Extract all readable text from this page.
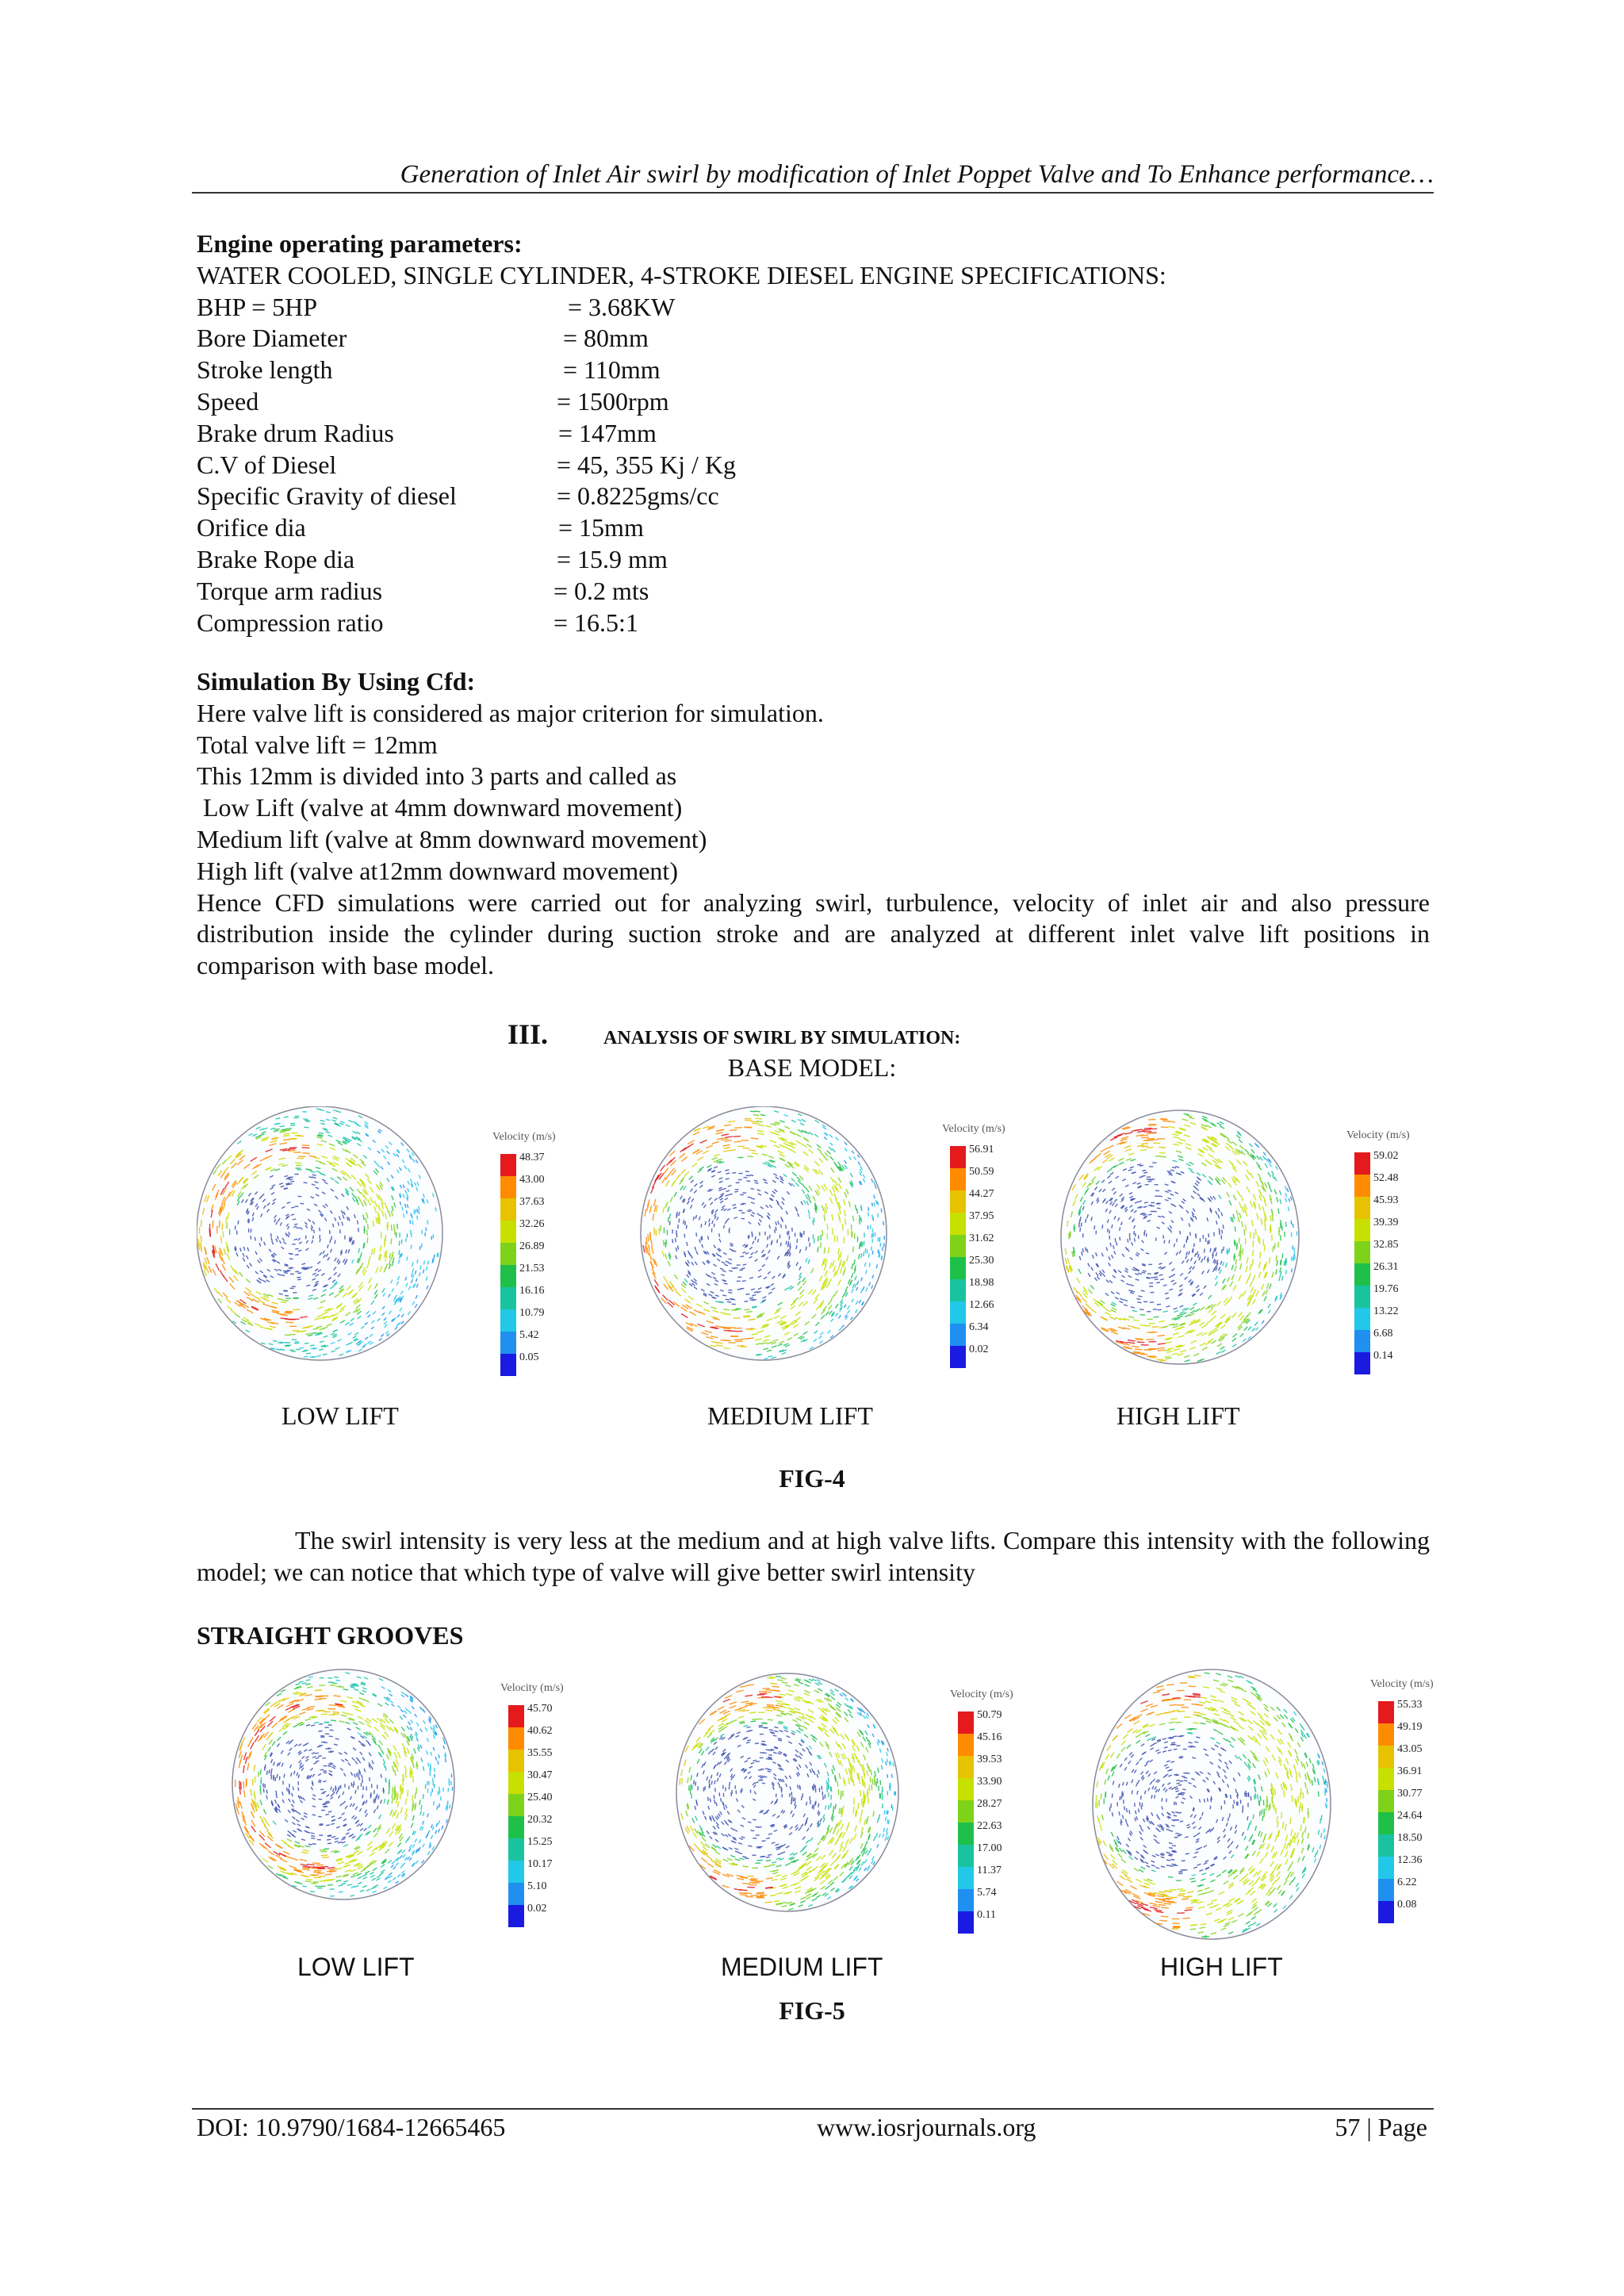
Generation of Inlet Air swirl by modification of Inlet Poppet Valve and To Enhance performance…
Engine operating parameters:
WATER COOLED, SINGLE CYLINDER, 4-STROKE DIESEL ENGINE SPECIFICATIONS:
BHP = 5HP	= 3.68KW
Bore Diameter	= 80mm
Stroke length	= 110mm
Speed	= 1500rpm
Brake drum Radius	= 147mm
C.V of Diesel	= 45, 355 Kj / Kg
Specific Gravity of diesel	= 0.8225gms/cc
Orifice dia	= 15mm
Brake Rope dia	= 15.9 mm
Torque arm radius	= 0.2 mts
Compression ratio	= 16.5:1
Simulation By Using Cfd:
Here valve lift is considered as major criterion for simulation.
Total valve lift = 12mm
This 12mm is divided into 3 parts and called as
Low Lift (valve at 4mm downward movement)
Medium lift (valve at 8mm downward movement)
High lift (valve at12mm downward movement)
Hence CFD simulations were carried out for analyzing swirl, turbulence, velocity of inlet air and also pressure
distribution inside the cylinder during suction stroke and are analyzed at different inlet valve lift positions in
comparison with base model.
III.	ANALYSIS OF SWIRL BY SIMULATION:
BASE MODEL:
Velocity (m/s)
48.37
43.00
37.63
32.26
26.89
21.53
16.16
10.79
5.42
0.05
Velocity (m/s)
56.91
50.59
44.27
37.95
31.62
25.30
18.98
12.66
6.34
0.02
Velocity (m/s)
59.02
52.48
45.93
39.39
32.85
26.31
19.76
13.22
6.68
0.14
LOW LIFT	MEDIUM LIFT	HIGH LIFT
FIG-4
The swirl intensity is very less at the medium and at high valve lifts. Compare this intensity with the following model; we can notice that which type of valve will give better swirl intensity
STRAIGHT GROOVES
Velocity (m/s)
45.70
40.62
35.55
30.47
25.40
20.32
15.25
10.17
5.10
0.02
Velocity (m/s)
50.79
45.16
39.53
33.90
28.27
22.63
17.00
11.37
5.74
0.11
Velocity (m/s)
55.33
49.19
43.05
36.91
30.77
24.64
18.50
12.36
6.22
0.08
LOW LIFT	MEDIUM LIFT	HIGH LIFT
FIG-5
DOI: 10.9790/1684-12665465	www.iosrjournals.org	57 | Page
